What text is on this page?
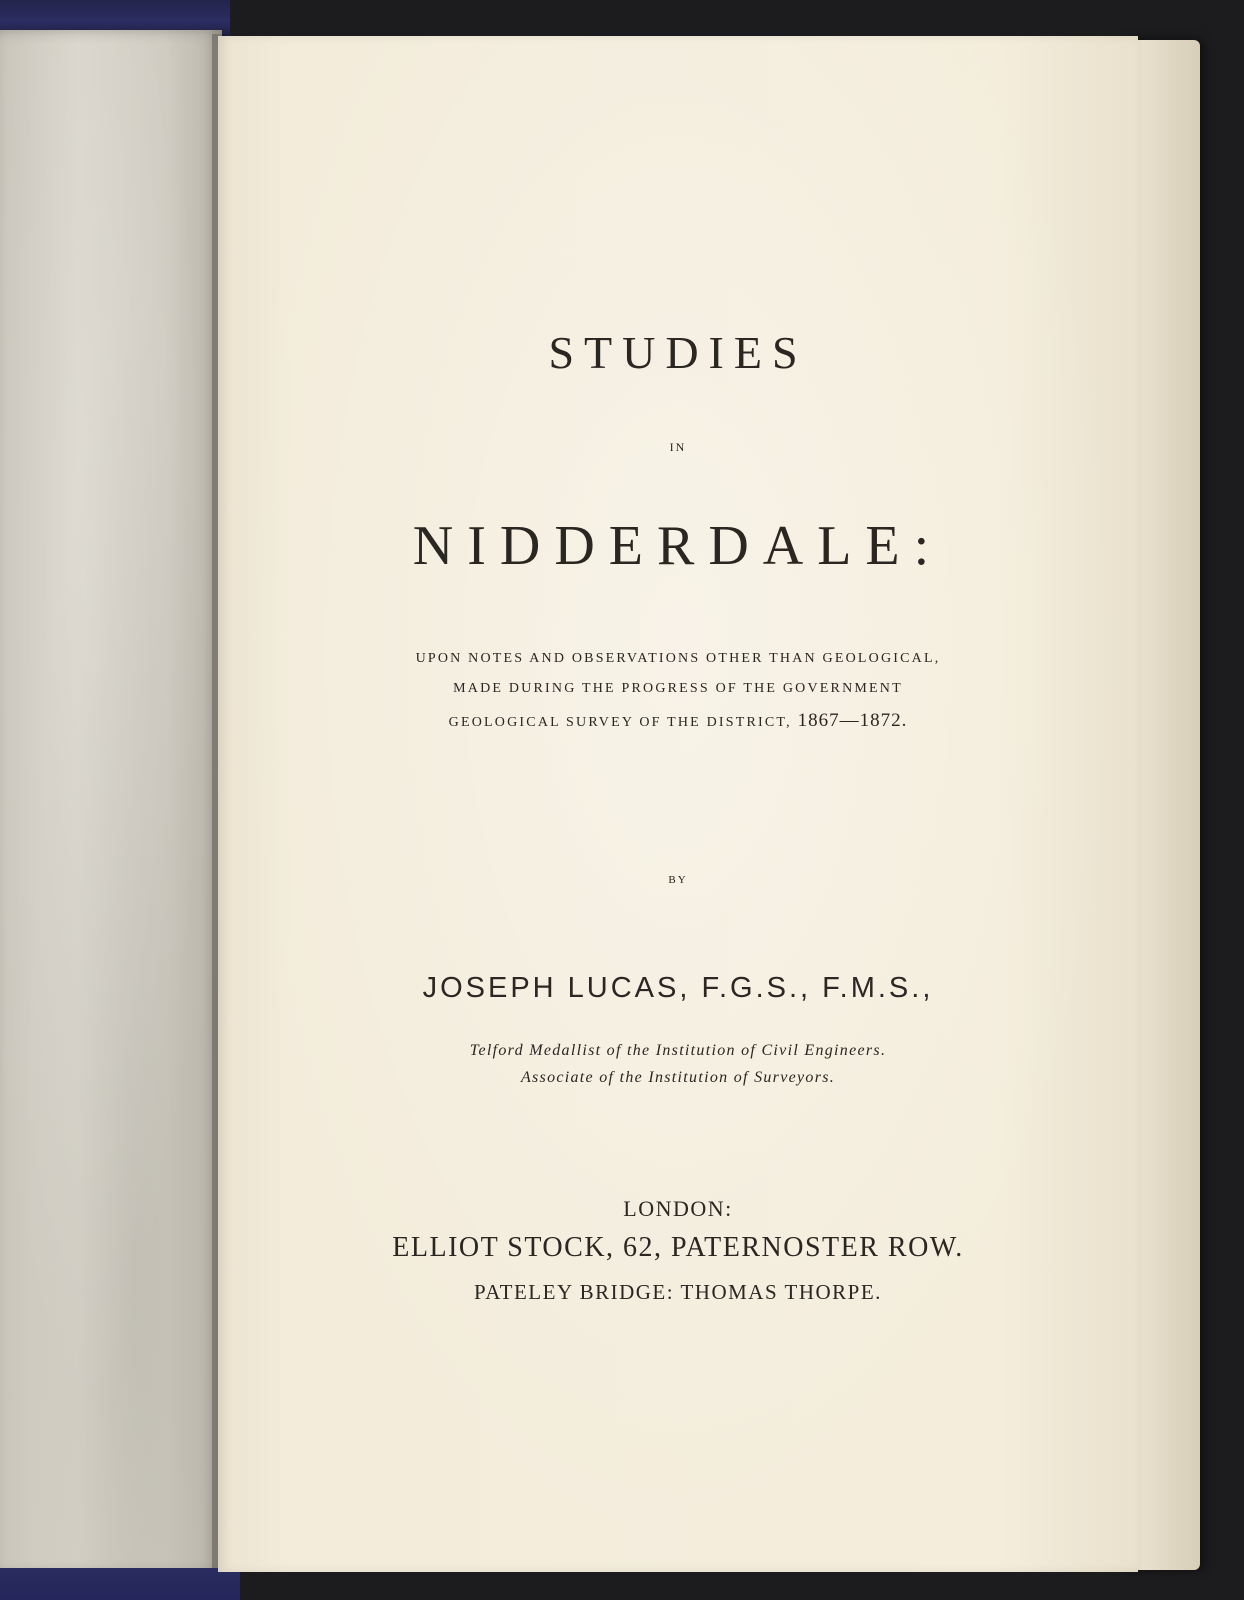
STUDIES
IN
NIDDERDALE:
UPON NOTES AND OBSERVATIONS OTHER THAN GEOLOGICAL,
MADE DURING THE PROGRESS OF THE GOVERNMENT
GEOLOGICAL SURVEY OF THE DISTRICT, 1867—1872.
BY
JOSEPH LUCAS, F.G.S., F.M.S.,
Telford Medallist of the Institution of Civil Engineers.
Associate of the Institution of Surveyors.
LONDON:
ELLIOT STOCK, 62, PATERNOSTER ROW.
PATELEY BRIDGE: THOMAS THORPE.
